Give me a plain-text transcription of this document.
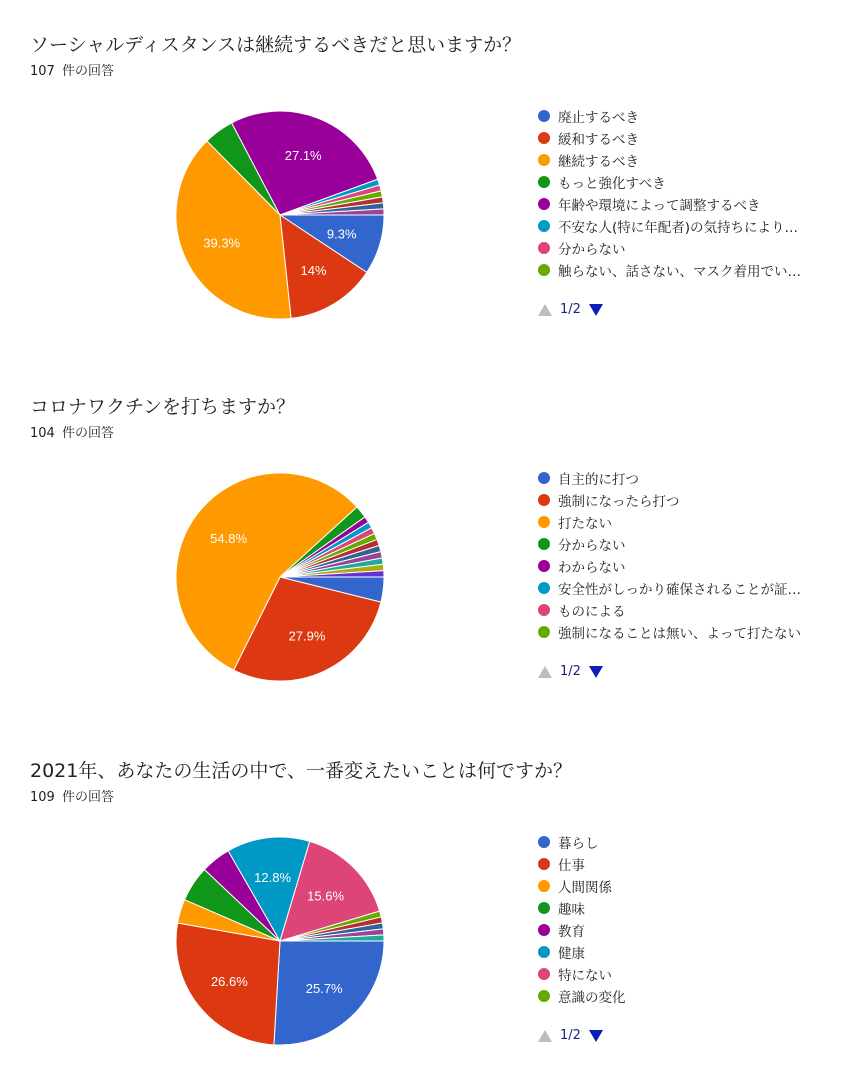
ソーシャルディスタンスは継続するべきだと思いますか？
107 件の回答
9.3%
14%
39.3%
27.1%
廃止するべき
緩和するべき
継続するべき
もっと強化すべき
年齢や環境によって調整するべき
不安な人(特に年配者)の気持ちにより…
分からない
触らない、話さない、マスク着用でい…
1/2
コロナワクチンを打ちますか？
104 件の回答
27.9%
54.8%
自主的に打つ
強制になったら打つ
打たない
分からない
わからない
安全性がしっかり確保されることが証…
ものによる
強制になることは無い、よって打たない
1/2
2021年、あなたの生活の中で、一番変えたいことは何ですか？
109 件の回答
25.7%
26.6%
12.8%
15.6%
暮らし
仕事
人間関係
趣味
教育
健康
特にない
意識の変化
1/2
